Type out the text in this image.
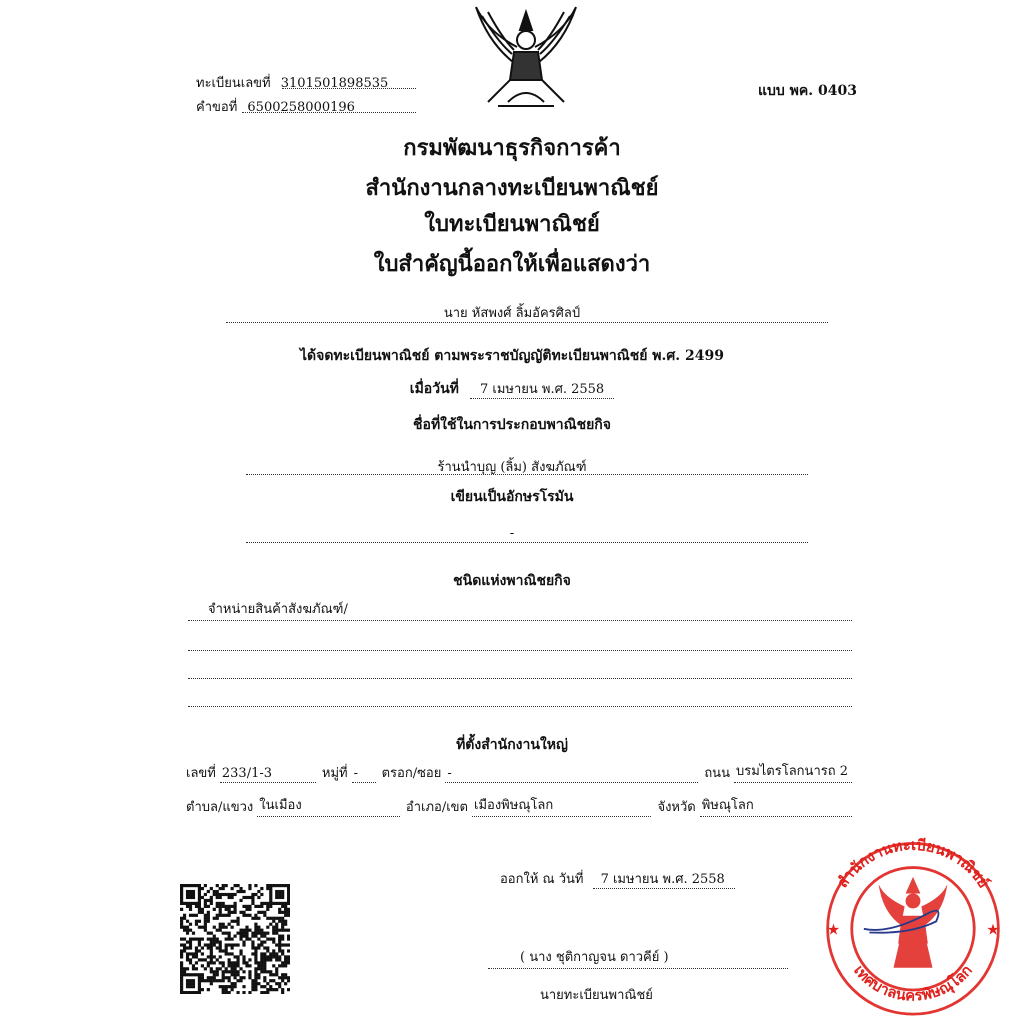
ทะเบียนเลขที่ 3101501898535
คำขอที่ 6500258000196
แบบ พค. 0403
กรมพัฒนาธุรกิจการค้า
สำนักงานกลางทะเบียนพาณิชย์
ใบทะเบียนพาณิชย์
ใบสำคัญนี้ออกให้เพื่อแสดงว่า
นาย หัสพงศ์ ลิ้มอัครศิลป์
ได้จดทะเบียนพาณิชย์ ตามพระราชบัญญัติทะเบียนพาณิชย์ พ.ศ. 2499
เมื่อวันที่ 7 เมษายน พ.ศ. 2558
ชื่อที่ใช้ในการประกอบพาณิชยกิจ
ร้านนำบุญ (ลิ้ม) สังฆภัณฑ์
เขียนเป็นอักษรโรมัน
-
ชนิดแห่งพาณิชยกิจ
จำหน่ายสินค้าสังฆภัณฑ์/
ที่ตั้งสำนักงานใหญ่
เลขที่ 233/1-3	หมู่ที่ -	ตรอก/ซอย -	ถนน บรมไตรโลกนารถ 2
ตำบล/แขวง ในเมือง	อำเภอ/เขต เมืองพิษณุโลก	จังหวัด พิษณุโลก
ออกให้ ณ วันที่ 7 เมษายน พ.ศ. 2558
( นาง ชุติกาญจน ดาวคีย์ )
นายทะเบียนพาณิชย์
สำนักงานทะเบียนพาณิชย์
เทศบาลนครพิษณุโลก
★	★
